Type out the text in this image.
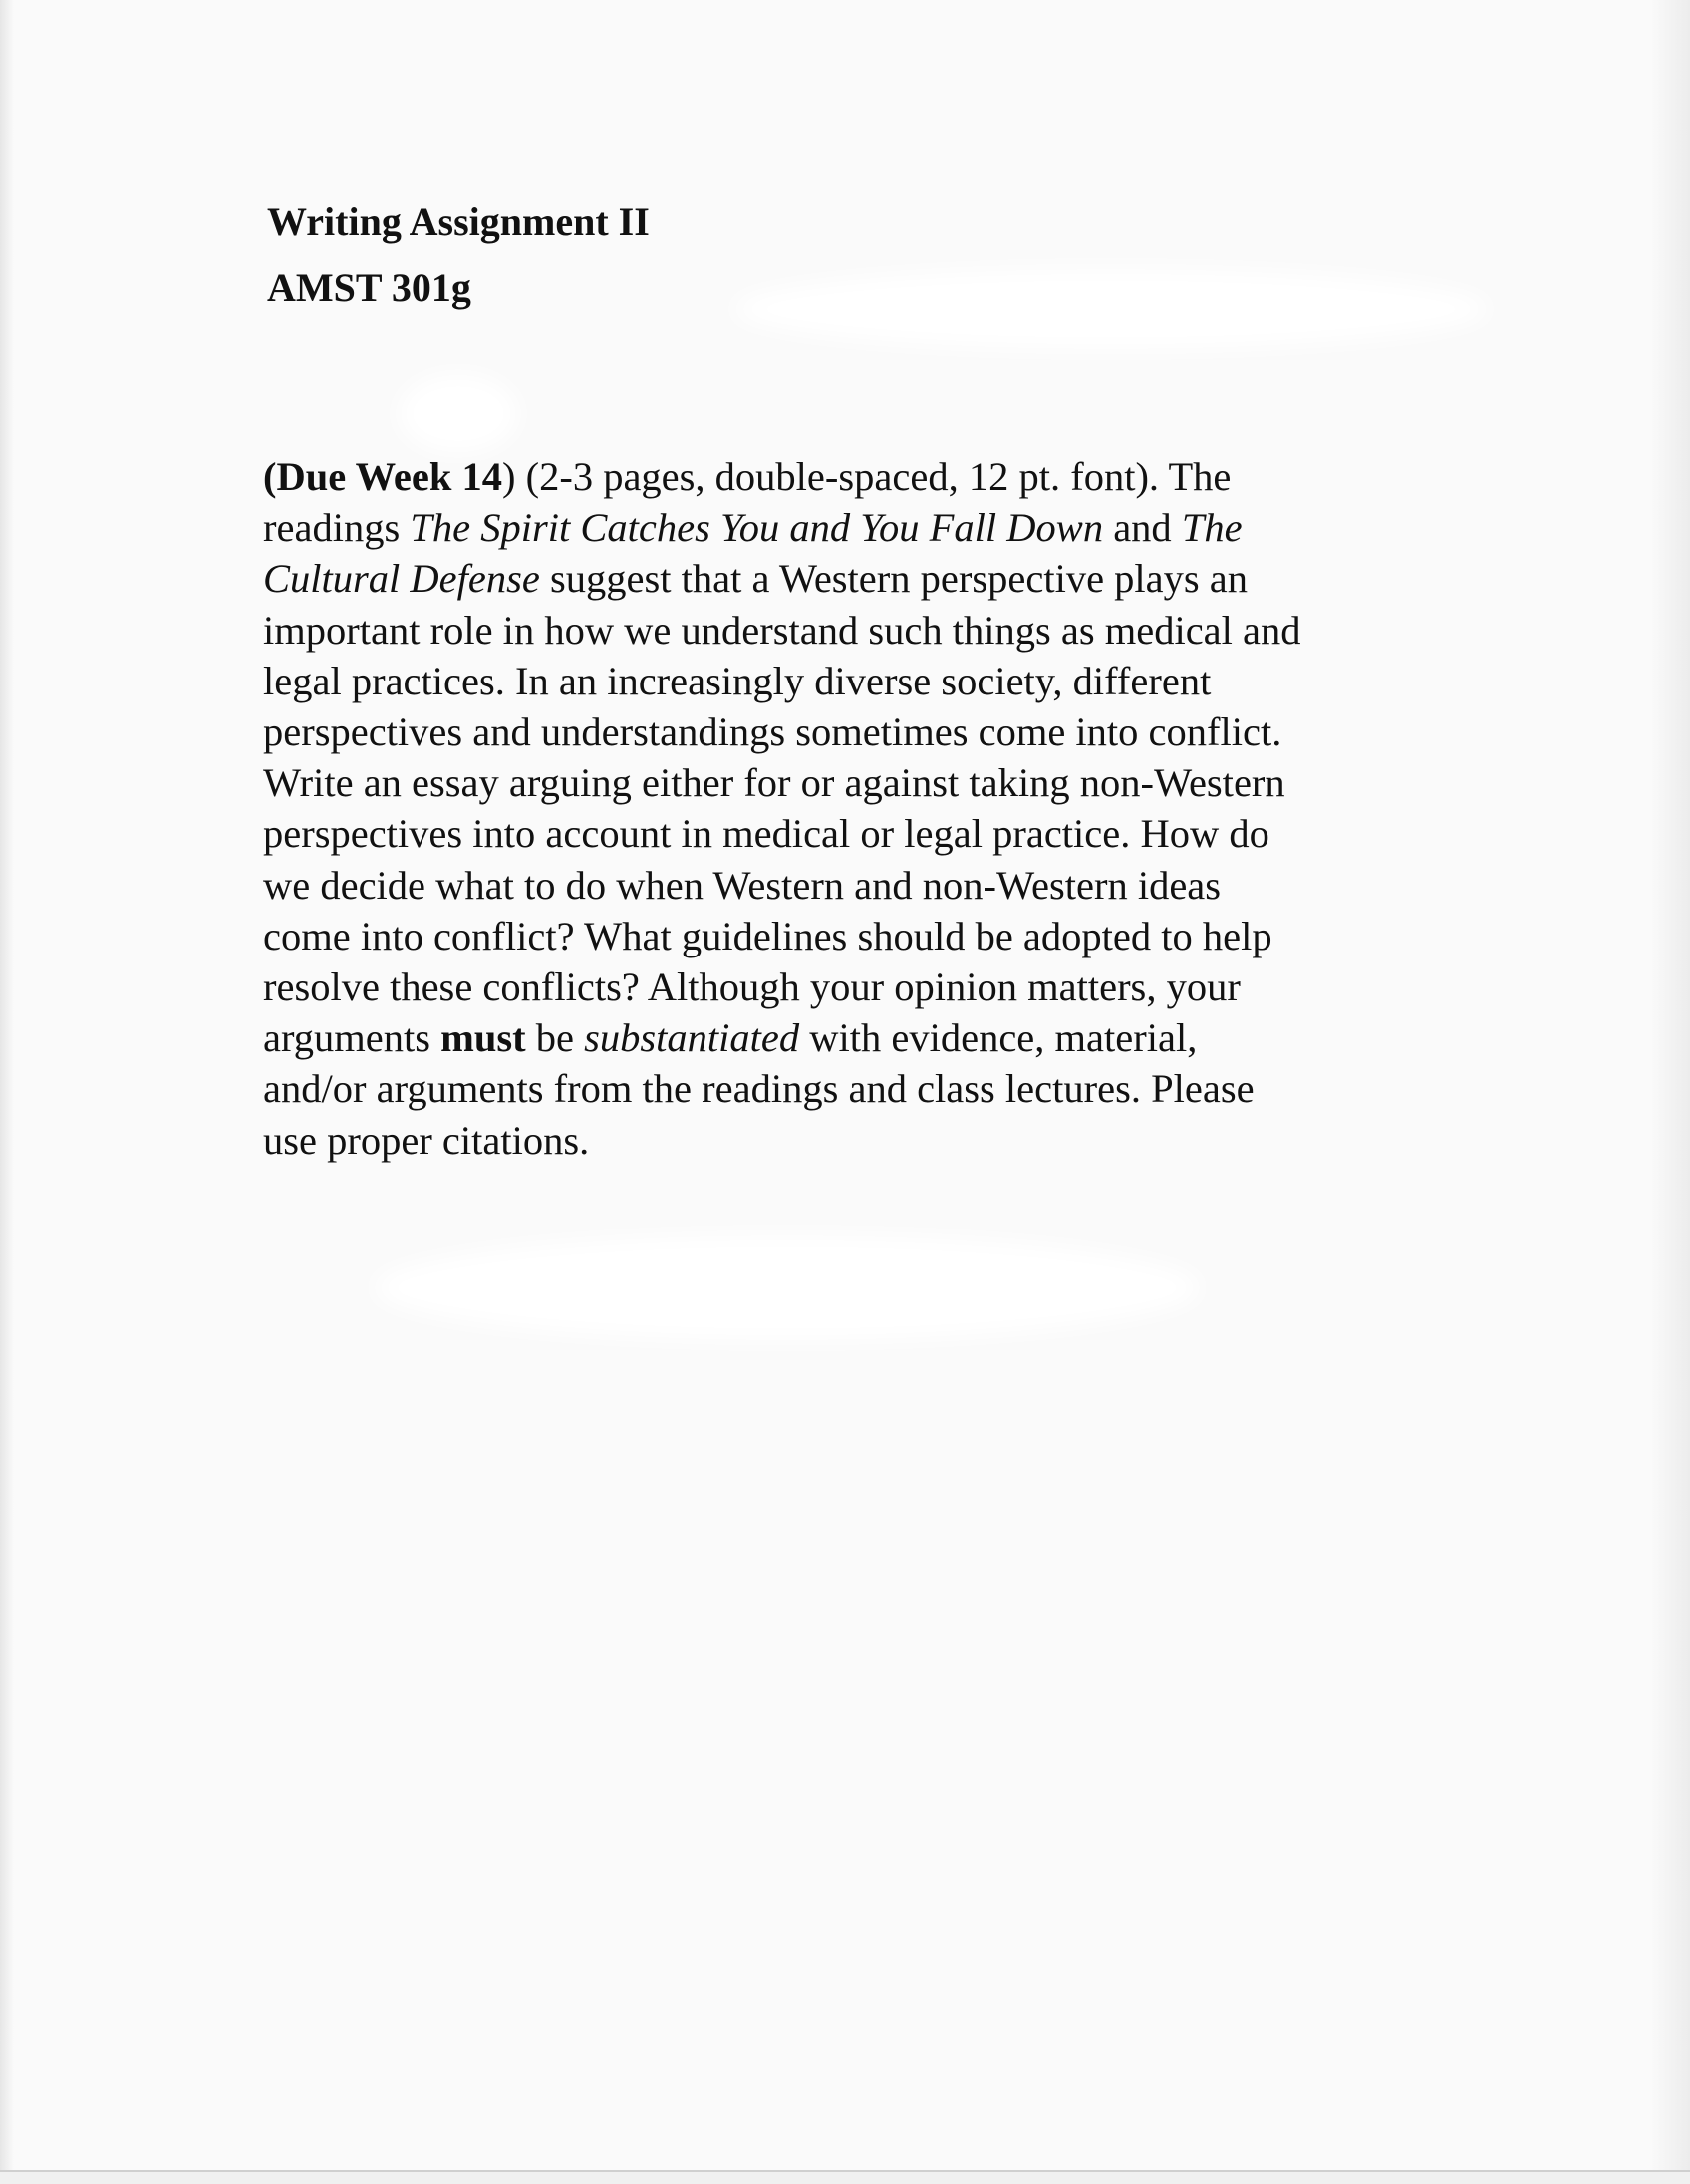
Writing Assignment II
AMST 301g
(Due Week 14) (2-3 pages, double-spaced, 12 pt. font). The
readings The Spirit Catches You and You Fall Down and The
Cultural Defense suggest that a Western perspective plays an
important role in how we understand such things as medical and
legal practices. In an increasingly diverse society, different
perspectives and understandings sometimes come into conflict.
Write an essay arguing either for or against taking non-Western
perspectives into account in medical or legal practice. How do
we decide what to do when Western and non-Western ideas
come into conflict? What guidelines should be adopted to help
resolve these conflicts? Although your opinion matters, your
arguments must be substantiated with evidence, material,
and/or arguments from the readings and class lectures. Please
use proper citations.
